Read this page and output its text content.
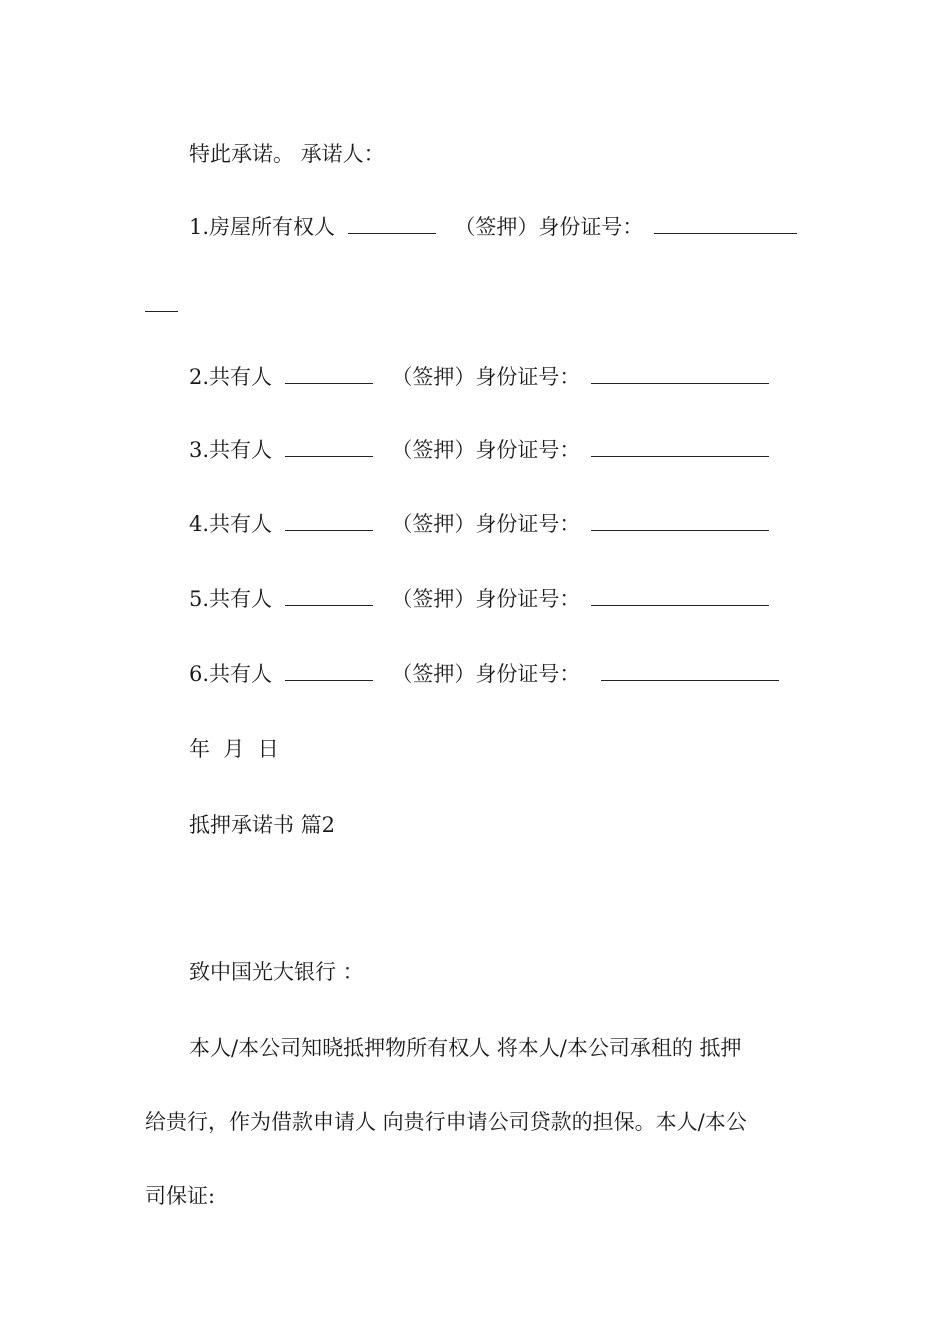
特此承诺。 承诺人：
1.房屋所有权人	（签押）身份证号：
2.共有人	（签押）身份证号：
3.共有人	（签押）身份证号：
4.共有人	（签押）身份证号：
5.共有人	（签押）身份证号：
6.共有人	（签押）身份证号：
年  月  日
抵押承诺书 篇2
致中国光大银行 ：
本人/本公司知晓抵押物所有权人 将本人/本公司承租的 抵押
给贵行，作为借款申请人 向贵行申请公司贷款的担保。本人/本公
司保证:
